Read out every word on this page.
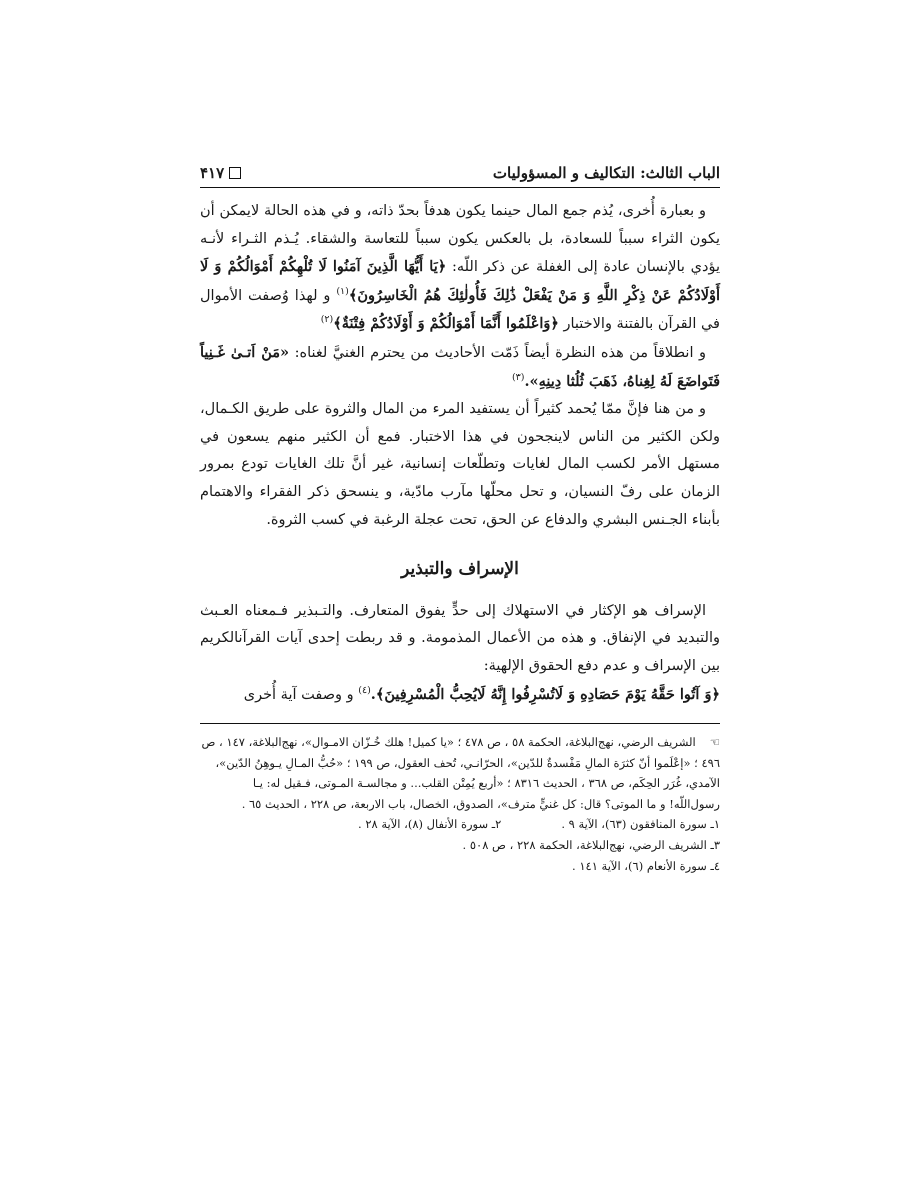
الباب الثالث: التكاليف و المسؤوليات
۴۱۷

و بعبارة أُخرى، يُذم جمع المال حينما يكون هدفاً بحدّ ذاته، و في هذه الحالة لايمكن أن يكون الثراء سبباً للسعادة، بل بالعكس يكون سبباً للتعاسة والشقاء. يُـذم الثـراء لأنـه يؤدي بالإنسان عادة إلى الغفلة عن ذكر اللّه: ﴿يَا أَيُّهَا الَّذِينَ آمَنُوا لَا تُلْهِكُمْ أَمْوَالُكُمْ وَ لَا أَوْلَادُكُمْ عَنْ ذِكْرِ اللَّهِ وَ مَنْ يَفْعَلْ ذَٰلِكَ فَأُولٰئِكَ هُمُ الْخَاسِرُونَ﴾$^{(١)}$ و لهذا وُصفت الأموال في القرآن بالفتنة والاختبار ﴿وَاعْلَمُوا أَنَّمَا أَمْوَالُكُمْ وَ أَوْلَادُكُمْ فِتْنَةٌ﴾$^{(٢)}$

و انطلاقاً من هذه النظرة أيضاً ذَمّت الأحاديث من يحترم الغنيَّ لغناه: «مَنْ اَتـىٰ غَـنِياً فَتَواضَعَ لَهُ لِغِناهُ، ذَهَبَ ثُلُثا دِينِهِ».$^{(٣)}$

و من هنا فإنَّ ممّا يُحمد كثيراً أن يستفيد المرء من المال والثروة على طريق الكـمال، ولكن الكثير من الناس لاينجحون في هذا الاختبار. فمع أن الكثير منهم يسعون في مستهل الأمر لكسب المال لغايات وتطلّعات إنسانية، غير أنَّ تلك الغايات تودع بمرور الزمان على رفّ النسيان، و تحل محلّها مآرب مادّية، و ينسحق ذكر الفقراء والاهتمام بأبناء الجـنس البشري والدفاع عن الحق، تحت عجلة الرغبة في كسب الثروة.

الإسراف والتبذير

الإسراف هو الإكثار في الاستهلاك إلى حدٍّ يفوق المتعارف. والتـبذير فـمعناه العـبث والتبديد في الإنفاق. و هذه من الأعمال المذمومة. و قد ربطت إحدى آيات القرآنالكريم بين الإسراف و عدم دفع الحقوق الإلهية:

﴿وَ آتُوا حَقَّهُ يَوْمَ حَصَادِهِ وَ لَاتُسْرِفُوا إِنَّهُ لَايُحِبُّ الْمُسْرِفِينَ﴾.$^{(٤)}$ و وصفت آية أُخرى

☜الشريف الرضي، نهج‌البلاغة، الحكمة ٥٨ ، ص ٤٧٨ ؛ «يا كميل! هلك خُـزّان الامـوال»، نهج‌البلاغة، ١٤٧ ، ص ٤٩٦ ؛ «إعْلَموا أنّ كثرَة المالِ مَفْسدةٌ للدّين»، الحرّانـي، تُحف العقول، ص ١٩٩ ؛ «حُبُّ المـالِ يـوهِنُ الدّين»، الآمدي، غُرَر الحِكَم، ص ٣٦٨ ، الحديث ٨٣١٦ ؛ «أربع يُمِتْن القلب... و مجالسـة المـوتى، فـقيل له: يـا رسول‌اللّه! و ما الموتى؟ قال: كل غنيٍّ مترف»، الصدوق، الخصال، باب الاربعة، ص ٢٢٨ ، الحديث ٦٥ .
١ـ سورة المنافقون (٦٣)، الآية ٩ .
٢ـ سورة الأنفال (٨)، الآية ٢٨ .
٣ـ الشريف الرضي، نهج‌البلاغة، الحكمة ٢٢٨ ، ص ٥٠٨ .
٤ـ سورة الأنعام (٦)، الآية ١٤١ .
